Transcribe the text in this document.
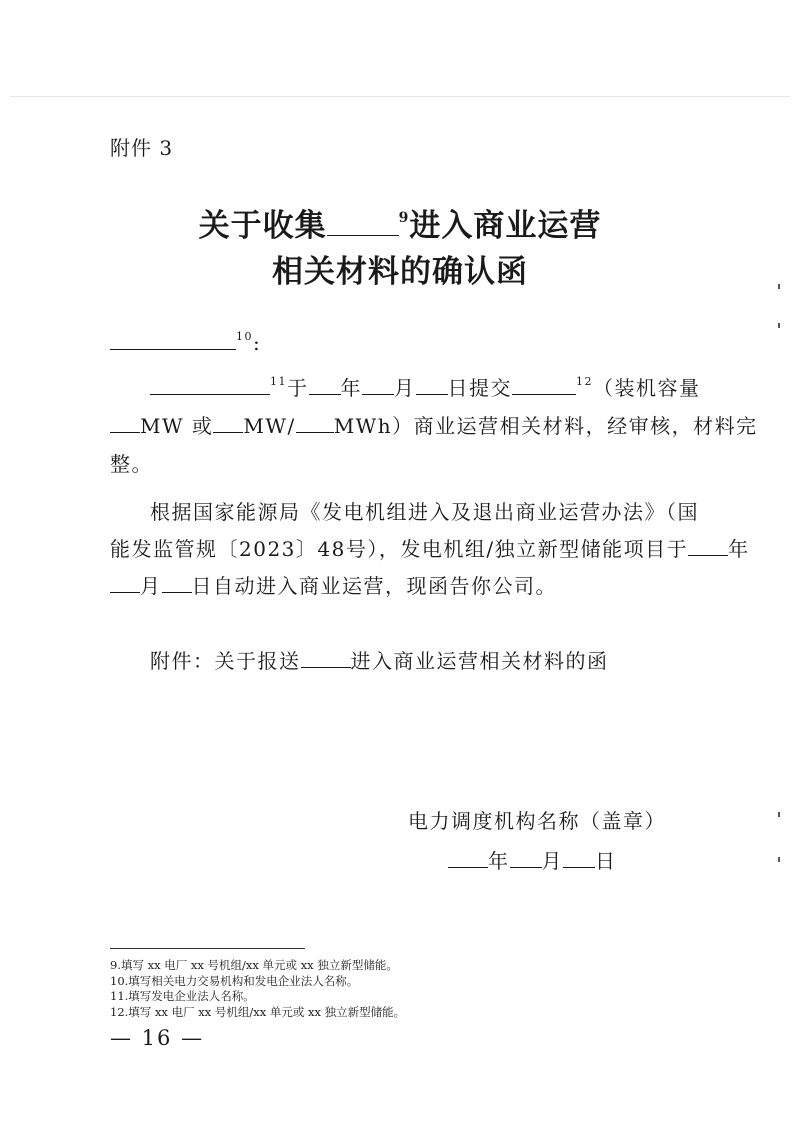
附件 3
关于收集	$^9$进入商业运营
相关材料的确认函
$^{10}$:
$^{11}$于 年 月 日提交	$^{12}$（装机容量
MW 或 MW/ MWh）商业运营相关材料，经审核，材料完
整。
根据国家能源局《发电机组进入及退出商业运营办法》（国
能发监管规〔2023〕48号），发电机组/独立新型储能项目于 年
月 日自动进入商业运营，现函告你公司。
附件：关于报送	进入商业运营相关材料的函
电力调度机构名称（盖章）
年 月 日
9.填写 xx 电厂 xx 号机组/xx 单元或 xx 独立新型储能。
10.填写相关电力交易机构和发电企业法人名称。
11.填写发电企业法人名称。
12.填写 xx 电厂 xx 号机组/xx 单元或 xx 独立新型储能。
— 16 —
